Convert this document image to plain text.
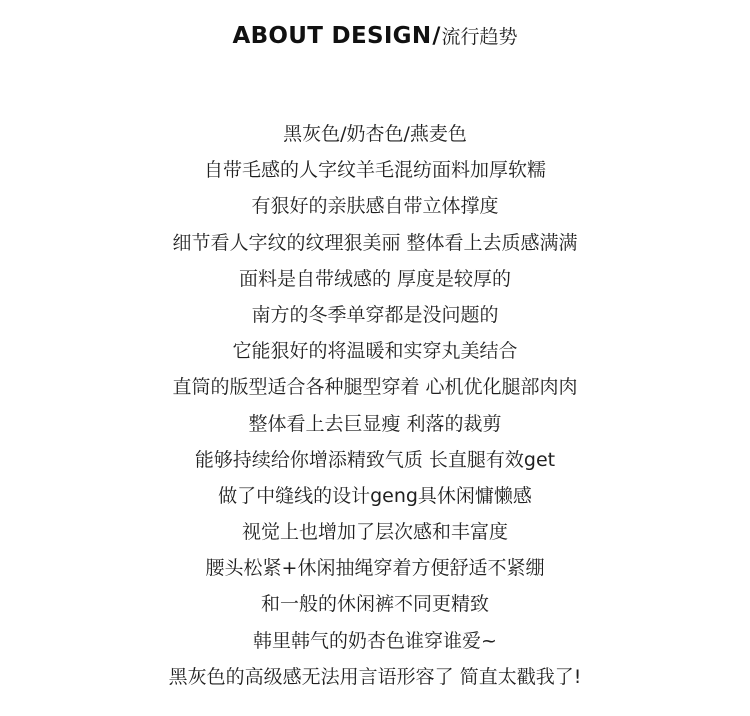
ABOUT DESIGN/流行趋势
黑灰色/奶杏色/燕麦色
自带毛感的人字纹羊毛混纺面料加厚软糯
有狠好的亲肤感自带立体撑度
细节看人字纹的纹理狠美丽 整体看上去质感满满
面料是自带绒感的 厚度是较厚的
南方的冬季单穿都是没问题的
它能狠好的将温暖和实穿丸美结合
直筒的版型适合各种腿型穿着 心机优化腿部肉肉
整体看上去巨显瘦 利落的裁剪
能够持续给你增添精致气质 长直腿有效get
做了中缝线的设计geng具休闲慵懒感
视觉上也增加了层次感和丰富度
腰头松紧+休闲抽绳穿着方便舒适不紧绷
和一般的休闲裤不同更精致
韩里韩气的奶杏色谁穿谁爱~
黑灰色的高级感无法用言语形容了 简直太戳我了!
